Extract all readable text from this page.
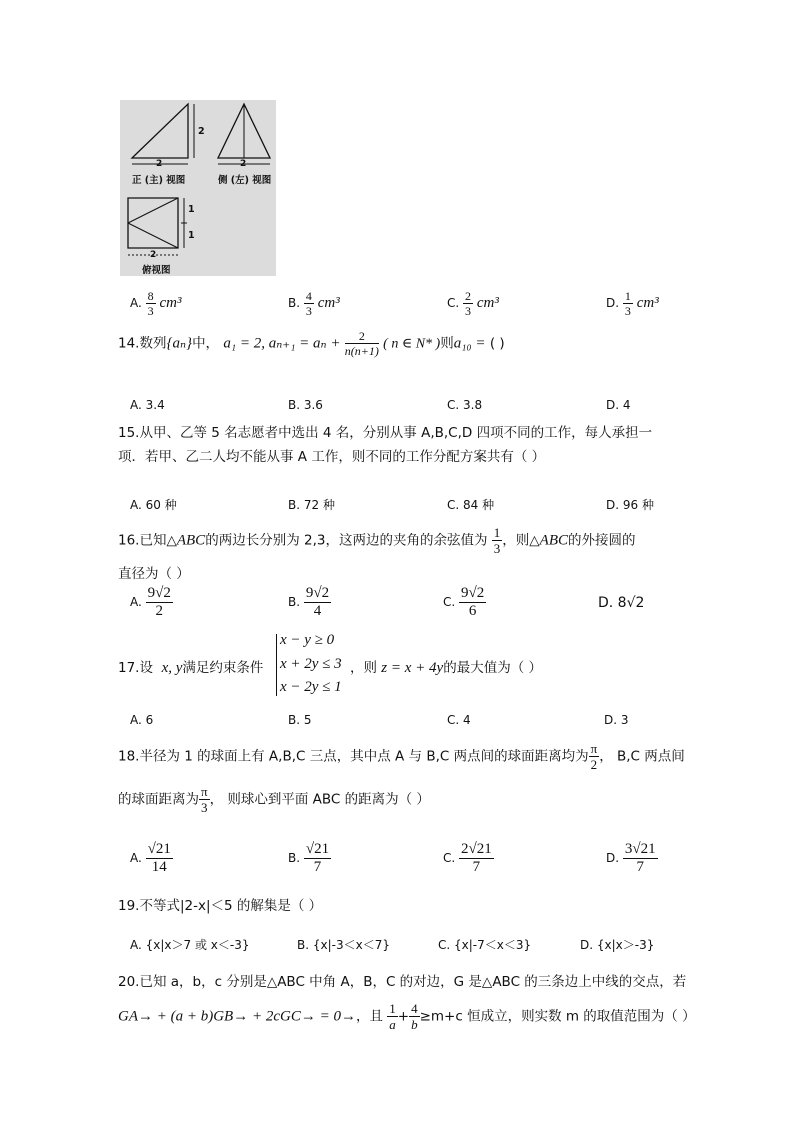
2
2	2
正 (主) 视图	侧 (左) 视图
1
1
2
俯视图
A. $\frac{8}{3} cm^3$	B. $\frac{4}{3} cm^3$	C. $\frac{2}{3} cm^3$	D. $\frac{1}{3} cm^3$
14.数列{aₙ}中， a₁ = 2, $a_{n+1} = a_n + \frac{2}{n(n+1)}$ ( n ∈ N* )则a₁₀ = ( )
A. 3.4	B. 3.6	C. 3.8	D. 4
15.从甲、乙等 5 名志愿者中选出 4 名，分别从事 A,B,C,D 四项不同的工作，每人承担一
项．若甲、乙二人均不能从事 A 工作，则不同的工作分配方案共有（ ）
A. 60 种	B. 72 种	C. 84 种	D. 96 种
16.已知△ABC的两边长分别为 2,3，这两边的夹角的余弦值为 $\frac{1}{3}$ ，则△ABC的外接圆的
直径为（ ）
A. $\frac{9√2}{2}$	B. $\frac{9√2}{4}$	C. $\frac{9√2}{6}$	D. 8√2
17.设 x, y满足约束条件
x − y ≥ 0
x + 2y ≤ 3
x − 2y ≤ 1
，则 z = x + 4y的最大值为（ ）
A. 6	B. 5	C. 4	D. 3
18.半径为 1 的球面上有 A,B,C 三点，其中点 A 与 B,C 两点间的球面距离均为 $\frac{\pi}{2}$ ， B,C 两点间
的球面距离为 $\frac{\pi}{3}$ ， 则球心到平面 ABC 的距离为（ ）
A. $\frac{√21}{14}$	B. $\frac{√21}{7}$	C. $\frac{2√21}{7}$	D. $\frac{3√21}{7}$
19.不等式|2-x|＜5 的解集是（ ）
A. {x|x＞7 或 x＜-3}	B. {x|-3＜x＜7}	C. {x|-7＜x＜3}	D. {x|x＞-3}
20.已知 a，b，c 分别是△ABC 中角 A，B，C 的对边，G 是△ABC 的三条边上中线的交点，若
GA→ + (a + b)GB→ + 2cGC→ = 0→，且 $\frac{1}{a} + \frac{4}{b} \ge m+c$ 恒成立，则实数 m 的取值范围为（ ）
